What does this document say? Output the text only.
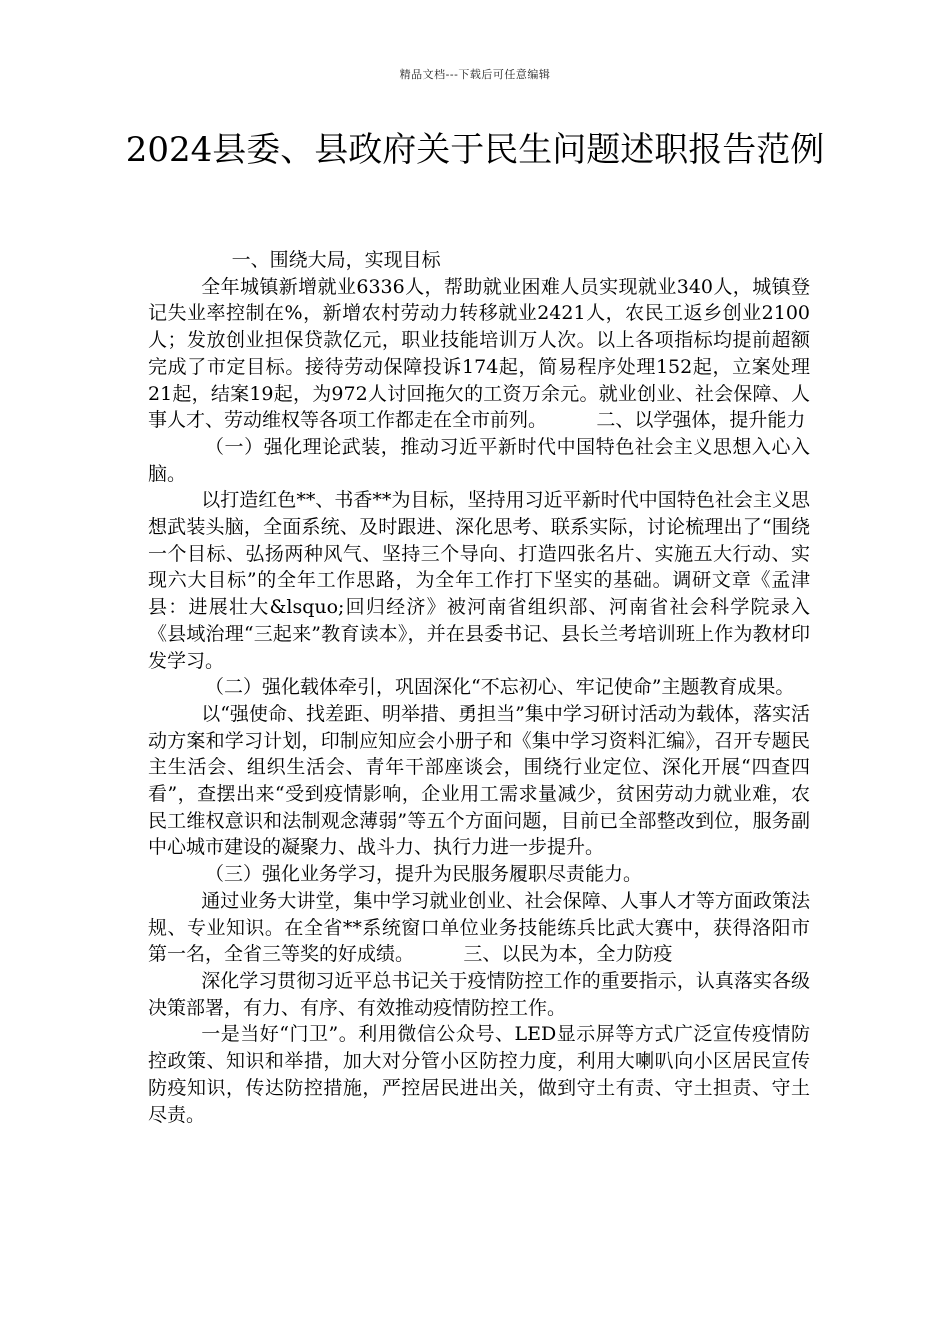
精品文档---下载后可任意编辑
2024县委、县政府关于民生问题述职报告范例

一、围绕大局，实现目标

全年城镇新增就业6336人，帮助就业困难人员实现就业340人，城镇登记失业率控制在%，新增农村劳动力转移就业2421人，农民工返乡创业2100人；发放创业担保贷款亿元，职业技能培训万人次。以上各项指标均提前超额完成了市定目标。接待劳动保障投诉174起，简易程序处理152起，立案处理21起，结案19起，为972人讨回拖欠的工资万余元。就业创业、社会保障、人事人才、劳动维权等各项工作都走在全市前列。	二、以学强体，提升能力

（一）强化理论武装，推动习近平新时代中国特色社会主义思想入心入脑。

以打造红色**、书香**为目标，坚持用习近平新时代中国特色社会主义思想武装头脑，全面系统、及时跟进、深化思考、联系实际，讨论梳理出了“围绕一个目标、弘扬两种风气、坚持三个导向、打造四张名片、实施五大行动、实现六大目标”的全年工作思路，为全年工作打下坚实的基础。调研文章《孟津县：进展壮大&lsquo;回归经济》被河南省组织部、河南省社会科学院录入《县域治理“三起来”教育读本》，并在县委书记、县长兰考培训班上作为教材印发学习。

（二）强化载体牵引，巩固深化“不忘初心、牢记使命”主题教育成果。

以“强使命、找差距、明举措、勇担当”集中学习研讨活动为载体，落实活动方案和学习计划，印制应知应会小册子和《集中学习资料汇编》，召开专题民主生活会、组织生活会、青年干部座谈会，围绕行业定位、深化开展“四查四看”，查摆出来“受到疫情影响，企业用工需求量减少，贫困劳动力就业难，农民工维权意识和法制观念薄弱”等五个方面问题，目前已全部整改到位，服务副中心城市建设的凝聚力、战斗力、执行力进一步提升。

（三）强化业务学习，提升为民服务履职尽责能力。

通过业务大讲堂，集中学习就业创业、社会保障、人事人才等方面政策法规、专业知识。在全省**系统窗口单位业务技能练兵比武大赛中，获得洛阳市第一名，全省三等奖的好成绩。	三、以民为本，全力防疫

深化学习贯彻习近平总书记关于疫情防控工作的重要指示，认真落实各级决策部署，有力、有序、有效推动疫情防控工作。

一是当好“门卫”。利用微信公众号、LED显示屏等方式广泛宣传疫情防控政策、知识和举措，加大对分管小区防控力度，利用大喇叭向小区居民宣传防疫知识，传达防控措施，严控居民进出关，做到守土有责、守土担责、守土尽责。
